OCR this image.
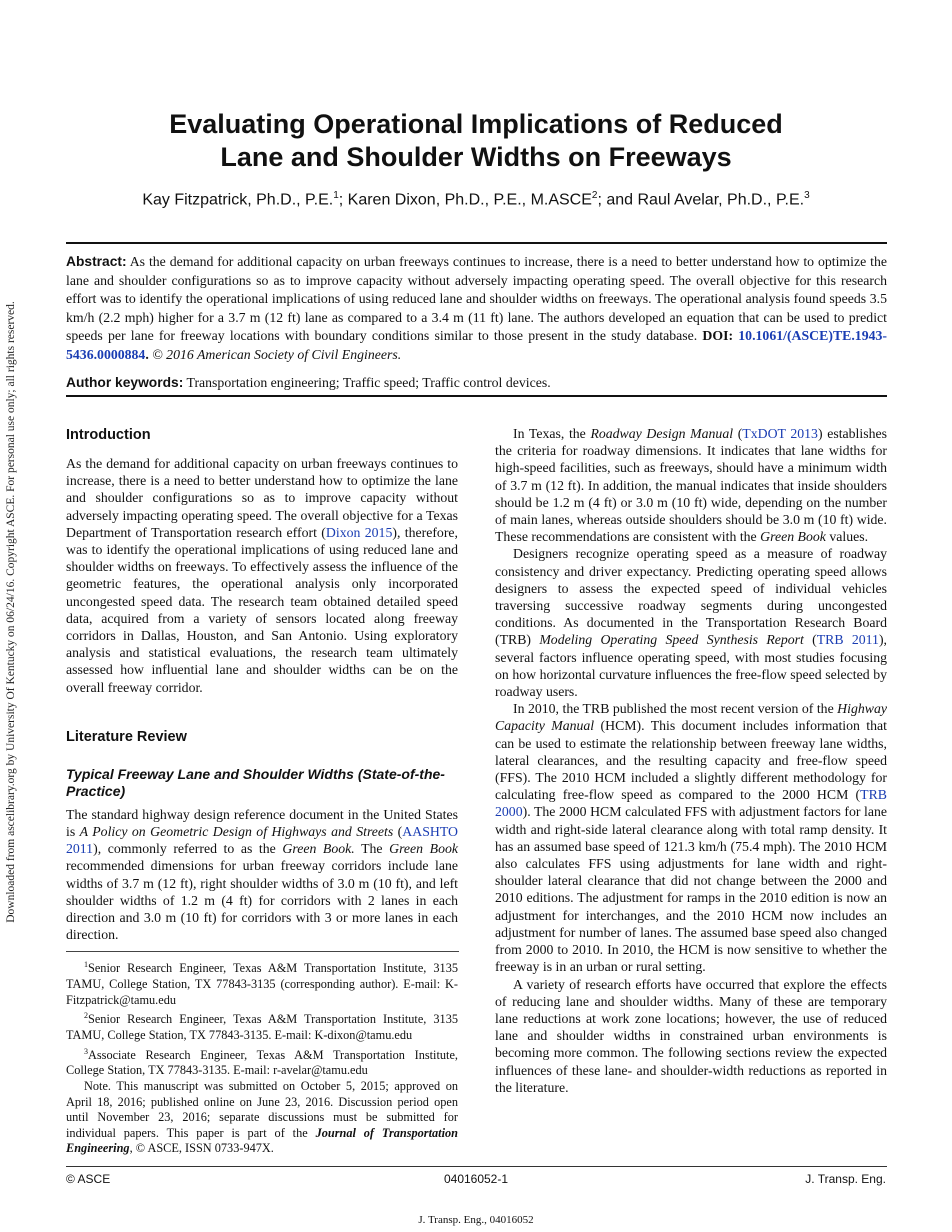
Downloaded from ascelibrary.org by University Of Kentucky on 06/24/16. Copyright ASCE. For personal use only; all rights reserved.
Evaluating Operational Implications of Reduced
Lane and Shoulder Widths on Freeways
Kay Fitzpatrick, Ph.D., P.E.$^1$; Karen Dixon, Ph.D., P.E., M.ASCE$^2$; and Raul Avelar, Ph.D., P.E.$^3$

Abstract: As the demand for additional capacity on urban freeways continues to increase, there is a need to better understand how to optimize the lane and shoulder configurations so as to improve capacity without adversely impacting operating speed. The overall objective for this research effort was to identify the operational implications of using reduced lane and shoulder widths on freeways. The operational analysis found speeds 3.5 km/h (2.2 mph) higher for a 3.7 m (12 ft) lane as compared to a 3.4 m (11 ft) lane. The authors developed an equation that can be used to predict speeds per lane for freeway locations with boundary conditions similar to those present in the study database. DOI: 10.1061/(ASCE)TE.1943-5436.0000884. © 2016 American Society of Civil Engineers.

Author keywords: Transportation engineering; Traffic speed; Traffic control devices.

Introduction

As the demand for additional capacity on urban freeways continues to increase, there is a need to better understand how to optimize the lane and shoulder configurations so as to improve capacity without adversely impacting operating speed. The overall objective for a Texas Department of Transportation research effort (Dixon 2015), therefore, was to identify the operational implications of using reduced lane and shoulder widths on freeways. To effectively assess the influence of the geometric features, the operational analysis only incorporated uncongested speed data. The research team obtained detailed speed data, acquired from a variety of sensors located along freeway corridors in Dallas, Houston, and San Antonio. Using exploratory analysis and statistical evaluations, the research team ultimately assessed how influential lane and shoulder widths can be on the overall freeway corridor.

Literature Review
Typical Freeway Lane and Shoulder Widths (State-of-the-Practice)

The standard highway design reference document in the United States is A Policy on Geometric Design of Highways and Streets (AASHTO 2011), commonly referred to as the Green Book. The Green Book recommended dimensions for urban freeway corridors include lane widths of 3.7 m (12 ft), right shoulder widths of 3.0 m (10 ft), and left shoulder widths of 1.2 m (4 ft) for corridors with 2 lanes in each direction and 3.0 m (10 ft) for corridors with 3 or more lanes in each direction.

$^1$Senior Research Engineer, Texas A&M Transportation Institute, 3135 TAMU, College Station, TX 77843-3135 (corresponding author). E-mail: K-Fitzpatrick@tamu.edu

$^2$Senior Research Engineer, Texas A&M Transportation Institute, 3135 TAMU, College Station, TX 77843-3135. E-mail: K-dixon@tamu.edu

$^3$Associate Research Engineer, Texas A&M Transportation Institute, College Station, TX 77843-3135. E-mail: r-avelar@tamu.edu

Note. This manuscript was submitted on October 5, 2015; approved on April 18, 2016; published online on June 23, 2016. Discussion period open until November 23, 2016; separate discussions must be submitted for individual papers. This paper is part of the Journal of Transportation Engineering, © ASCE, ISSN 0733-947X.

In Texas, the Roadway Design Manual (TxDOT 2013) establishes the criteria for roadway dimensions. It indicates that lane widths for high-speed facilities, such as freeways, should have a minimum width of 3.7 m (12 ft). In addition, the manual indicates that inside shoulders should be 1.2 m (4 ft) or 3.0 m (10 ft) wide, depending on the number of main lanes, whereas outside shoulders should be 3.0 m (10 ft) wide. These recommendations are consistent with the Green Book values.

Designers recognize operating speed as a measure of roadway consistency and driver expectancy. Predicting operating speed allows designers to assess the expected speed of individual vehicles traversing successive roadway segments during uncongested conditions. As documented in the Transportation Research Board (TRB) Modeling Operating Speed Synthesis Report (TRB 2011), several factors influence operating speed, with most studies focusing on how horizontal curvature influences the free-flow speed selected by roadway users.

In 2010, the TRB published the most recent version of the Highway Capacity Manual (HCM). This document includes information that can be used to estimate the relationship between freeway lane widths, lateral clearances, and the resulting capacity and free-flow speed (FFS). The 2010 HCM included a slightly different methodology for calculating free-flow speed as compared to the 2000 HCM (TRB 2000). The 2000 HCM calculated FFS with adjustment factors for lane width and right-side lateral clearance along with total ramp density. It has an assumed base speed of 121.3 km/h (75.4 mph). The 2010 HCM also calculates FFS using adjustments for lane width and right-shoulder lateral clearance that did not change between the 2000 and 2010 editions. The adjustment for ramps in the 2010 edition is now an adjustment for interchanges, and the 2010 HCM now includes an adjustment for number of lanes. The assumed base speed also changed from 2000 to 2010. In 2010, the HCM is now sensitive to whether the freeway is in an urban or rural setting.

A variety of research efforts have occurred that explore the effects of reducing lane and shoulder widths. Many of these are temporary lane reductions at work zone locations; however, the use of reduced lane and shoulder widths in constrained urban environments is becoming more common. The following sections review the expected influences of these lane- and shoulder-width reductions as reported in the literature.

© ASCE	04016052-1	J. Transp. Eng.
J. Transp. Eng., 04016052
